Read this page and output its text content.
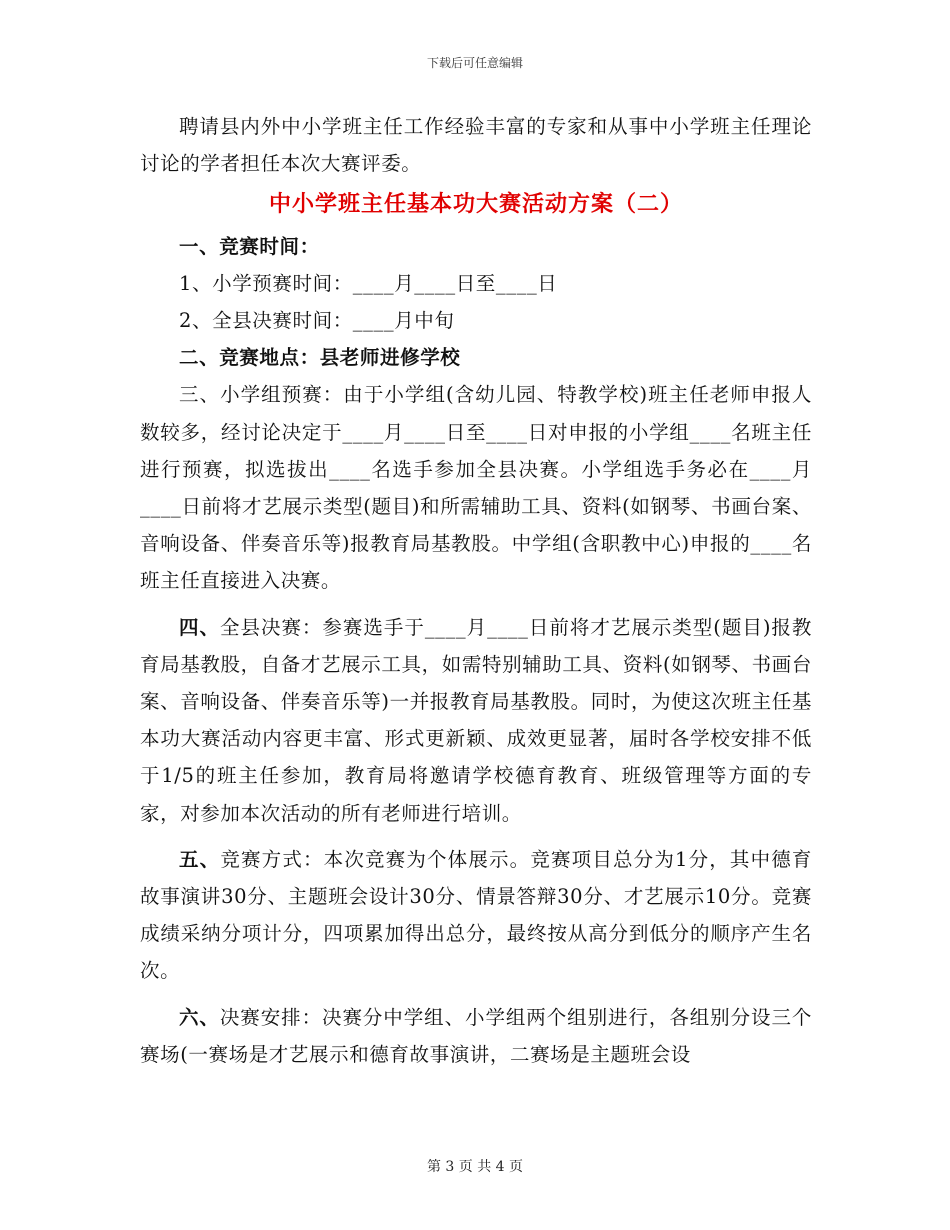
下载后可任意编辑

聘请县内外中小学班主任工作经验丰富的专家和从事中小学班主任理论讨论的学者担任本次大赛评委。

中小学班主任基本功大赛活动方案（二）

一、竞赛时间：

1、小学预赛时间：____月____日至____日

2、全县决赛时间：____月中旬

二、竞赛地点：县老师进修学校

三、小学组预赛：由于小学组(含幼儿园、特教学校)班主任老师申报人数较多，经讨论决定于____月____日至____日对申报的小学组____名班主任进行预赛，拟选拔出____名选手参加全县决赛。小学组选手务必在____月____日前将才艺展示类型(题目)和所需辅助工具、资料(如钢琴、书画台案、音响设备、伴奏音乐等)报教育局基教股。中学组(含职教中心)申报的____名班主任直接进入决赛。

四、全县决赛：参赛选手于____月____日前将才艺展示类型(题目)报教育局基教股，自备才艺展示工具，如需特别辅助工具、资料(如钢琴、书画台案、音响设备、伴奏音乐等)一并报教育局基教股。同时，为使这次班主任基本功大赛活动内容更丰富、形式更新颖、成效更显著，届时各学校安排不低于1/5的班主任参加，教育局将邀请学校德育教育、班级管理等方面的专家，对参加本次活动的所有老师进行培训。

五、竞赛方式：本次竞赛为个体展示。竞赛项目总分为1分，其中德育故事演讲30分、主题班会设计30分、情景答辩30分、才艺展示10分。竞赛成绩采纳分项计分，四项累加得出总分，最终按从高分到低分的顺序产生名次。

六、决赛安排：决赛分中学组、小学组两个组别进行，各组别分设三个赛场(一赛场是才艺展示和德育故事演讲，二赛场是主题班会设

第 3 页 共 4 页
